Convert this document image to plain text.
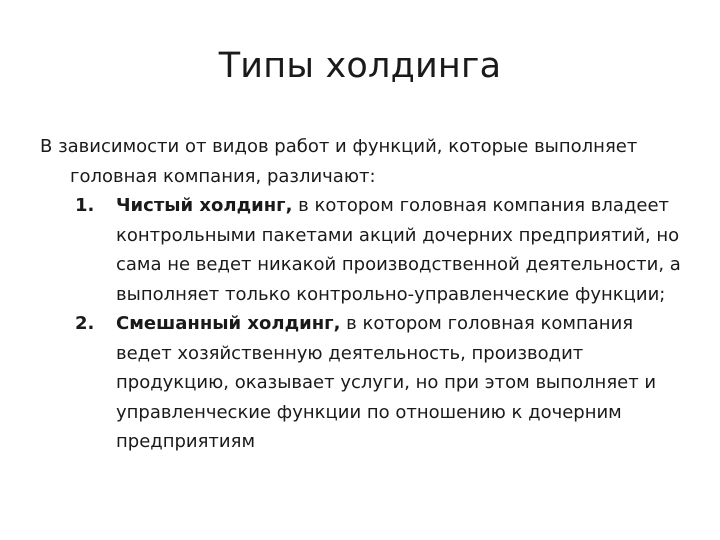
Типы холдинга

В зависимости от видов работ и функций, которые выполняет головная компания, различают:

1. Чистый холдинг, в котором головная компания владеет контрольными пакетами акций дочерних предприятий, но сама не ведет никакой производственной деятельности, а выполняет только контрольно-управленческие функции;
2. Смешанный холдинг, в котором головная компания ведет хозяйственную деятельность, производит продукцию, оказывает услуги, но при этом выполняет и управленческие функции по отношению к дочерним предприятиям
